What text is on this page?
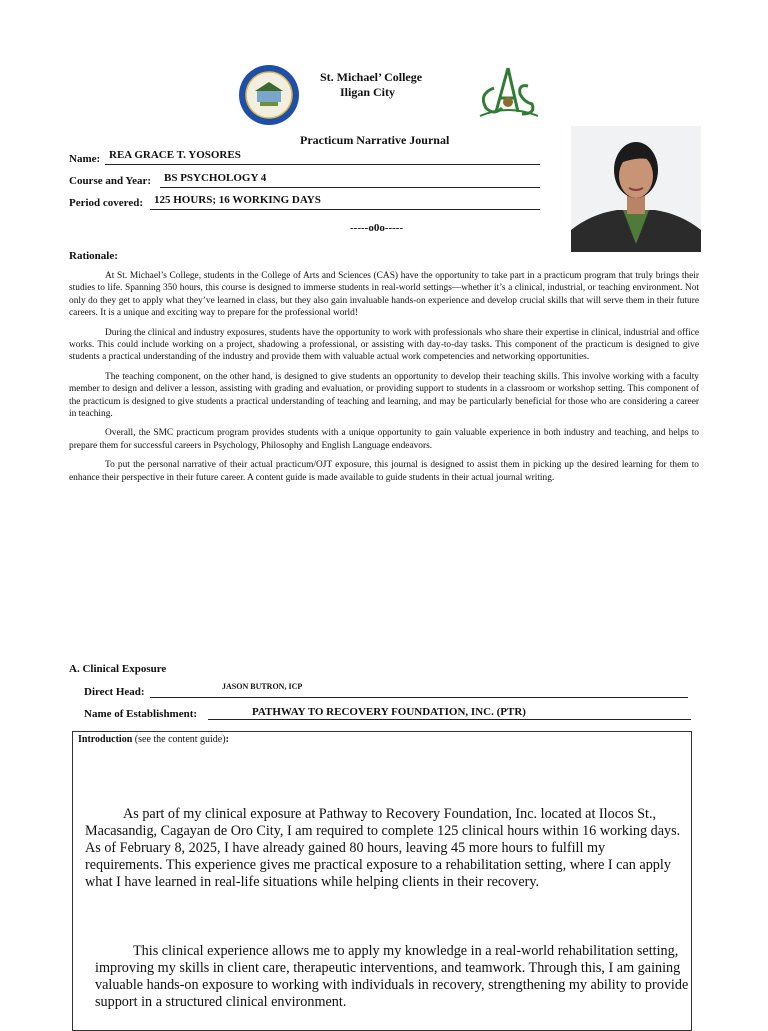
St. Michael’ College
Iligan City
Practicum Narrative Journal
Name: REA GRACE T. YOSORES
Course and Year:	BS PSYCHOLOGY 4
Period covered: 125 HOURS; 16 WORKING DAYS
-----o0o-----
Rationale:

At St. Michael’s College, students in the College of Arts and Sciences (CAS) have the opportunity to take part in a practicum program that truly brings their studies to life. Spanning 350 hours, this course is designed to immerse students in real-world settings—whether it’s a clinical, industrial, or teaching environment. Not only do they get to apply what they’ve learned in class, but they also gain invaluable hands-on experience and develop crucial skills that will serve them in their future careers. It is a unique and exciting way to prepare for the professional world!

During the clinical and industry exposures, students have the opportunity to work with professionals who share their expertise in clinical, industrial and office works. This could include working on a project, shadowing a professional, or assisting with day-to-day tasks. This component of the practicum is designed to give students a practical understanding of the industry and provide them with valuable actual work competencies and networking opportunities.

The teaching component, on the other hand, is designed to give students an opportunity to develop their teaching skills. This involve working with a faculty member to design and deliver a lesson, assisting with grading and evaluation, or providing support to students in a classroom or workshop setting. This component of the practicum is designed to give students a practical understanding of teaching and learning, and may be particularly beneficial for those who are considering a career in teaching.

Overall, the SMC practicum program provides students with a unique opportunity to gain valuable experience in both industry and teaching, and helps to prepare them for successful careers in Psychology, Philosophy and English Language endeavors.

To put the personal narrative of their actual practicum/OJT exposure, this journal is designed to assist them in picking up the desired learning for them to enhance their perspective in their future career. A content guide is made available to guide students in their actual journal writing.

A. Clinical Exposure
Direct Head:	JASON BUTRON, ICP
Name of Establishment:	PATHWAY TO RECOVERY FOUNDATION, INC. (PTR)
Introduction (see the content guide):

As part of my clinical exposure at Pathway to Recovery Foundation, Inc. located at Ilocos St., Macasandig, Cagayan de Oro City, I am required to complete 125 clinical hours within 16 working days. As of February 8, 2025, I have already gained 80 hours, leaving 45 more hours to fulfill my requirements. This experience gives me practical exposure to a rehabilitation setting, where I can apply what I have learned in real-life situations while helping clients in their recovery.

This clinical experience allows me to apply my knowledge in a real-world rehabilitation setting, improving my skills in client care, therapeutic interventions, and teamwork. Through this, I am gaining valuable hands-on exposure to working with individuals in recovery, strengthening my ability to provide support in a structured clinical environment.
